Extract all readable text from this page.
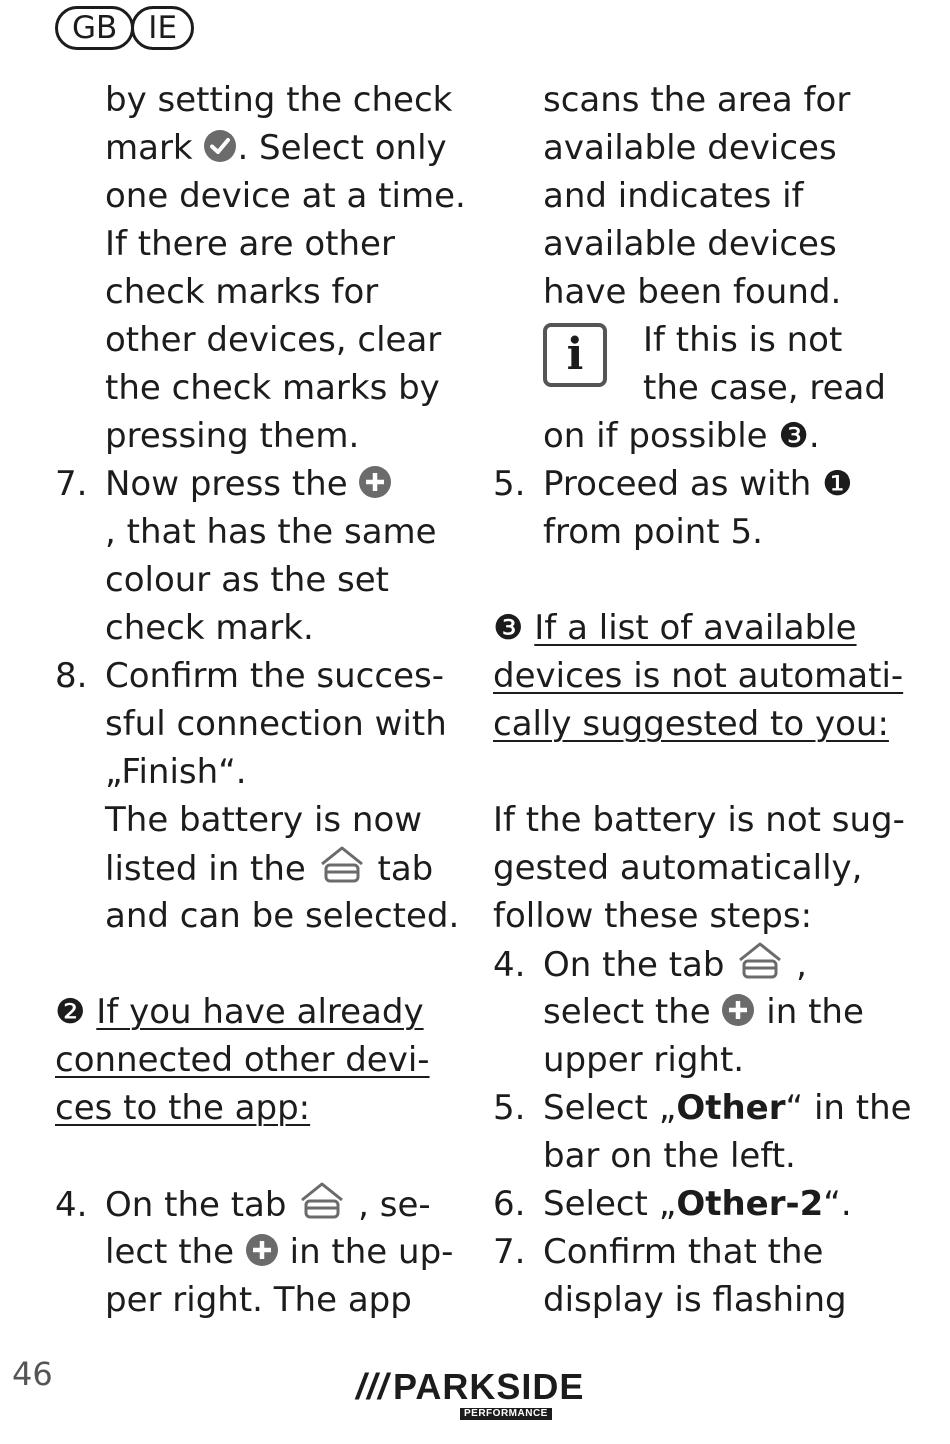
GB	IE
by setting the check
mark . Select only
one device at a time.
If there are other
check marks for
other devices, clear
the check marks by
pressing them.
7. Now press the
, that has the same
colour as the set
check mark.
8. Confirm the succes-
sful connection with
„Finish“.
The battery is now
listed in the tab
and can be selected.
❷ If you have already
connected other devi-
ces to the app:
4. On the tab , se-
lect the in the up-
per right. The app
scans the area for
available devices
and indicates if
available devices
have been found.
i	If this is not
the case, read
on if possible ❸.
5. Proceed as with ❶
from point 5.
❸ If a list of available
devices is not automati-
cally suggested to you:
If the battery is not sug-
gested automatically,
follow these steps:
4. On the tab ,
select the in the
upper right.
5. Select „Other“ in the
bar on the left.
6. Select „Other-2“.
7. Confirm that the
display is flashing
46	/// PARKSIDE
PERFORMANCE
